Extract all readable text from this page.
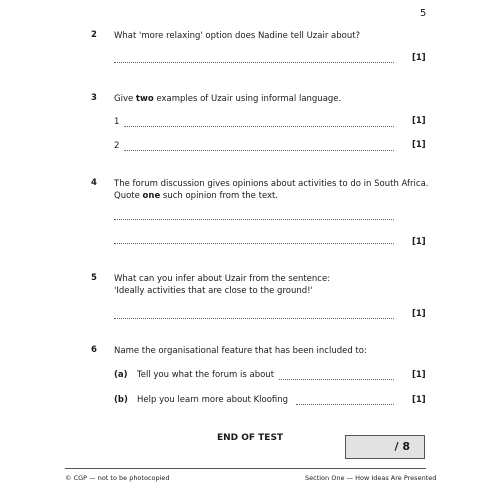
5
2 What 'more relaxing' option does Nadine tell Uzair about?
[1]
3 Give two examples of Uzair using informal language.
1	[1]
2	[1]
4 The forum discussion gives opinions about activities to do in South Africa.
Quote one such opinion from the text.
[1]
5 What can you infer about Uzair from the sentence:
'Ideally activities that are close to the ground!'
[1]
6 Name the organisational feature that has been included to:
(a) Tell you what the forum is about	[1]
(b) Help you learn more about Kloofing	[1]
END OF TEST
/ 8
© CGP — not to be photocopied	Section One — How Ideas Are Presented
